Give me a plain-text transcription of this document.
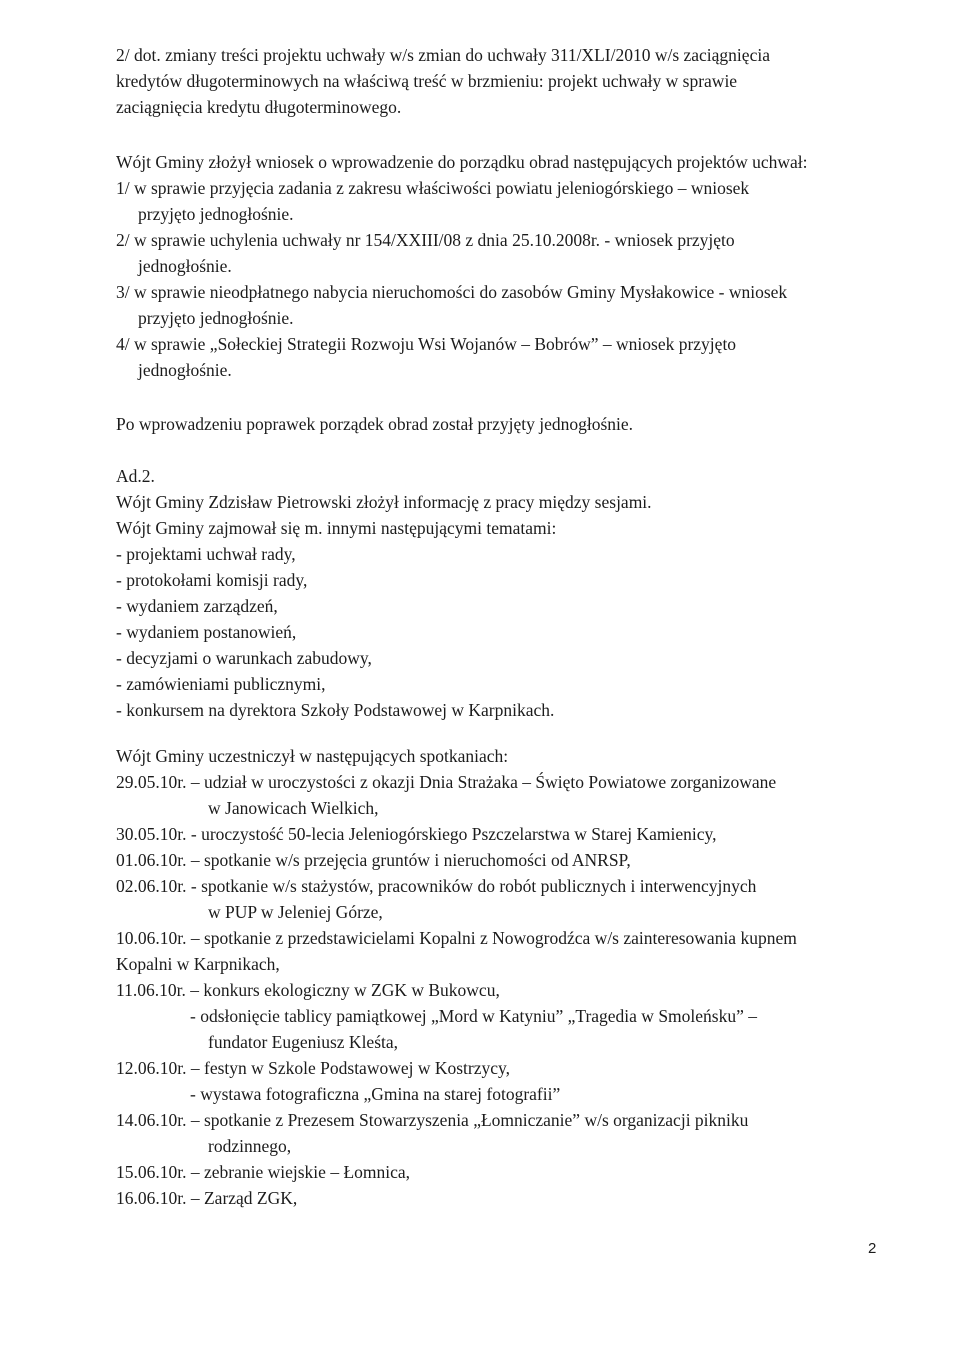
2/ dot. zmiany treści projektu uchwały w/s zmian do uchwały 311/XLI/2010 w/s zaciągnięcia
kredytów długoterminowych na właściwą treść w brzmieniu: projekt uchwały w sprawie
zaciągnięcia kredytu długoterminowego.
Wójt Gminy złożył wniosek o wprowadzenie do porządku obrad następujących projektów uchwał:
1/ w sprawie przyjęcia zadania z zakresu właściwości powiatu jeleniogórskiego – wniosek
przyjęto jednogłośnie.
2/ w sprawie uchylenia uchwały nr 154/XXIII/08 z dnia 25.10.2008r. - wniosek przyjęto
jednogłośnie.
3/ w sprawie nieodpłatnego nabycia nieruchomości do zasobów Gminy Mysłakowice - wniosek
przyjęto jednogłośnie.
4/ w sprawie „Sołeckiej Strategii Rozwoju Wsi Wojanów – Bobrów” – wniosek przyjęto
jednogłośnie.
Po wprowadzeniu poprawek porządek obrad został przyjęty jednogłośnie.
Ad.2.
Wójt Gminy Zdzisław Pietrowski złożył informację z pracy między sesjami.
Wójt Gminy zajmował się m. innymi następującymi tematami:
- projektami uchwał rady,
- protokołami komisji rady,
- wydaniem zarządzeń,
- wydaniem postanowień,
- decyzjami o warunkach zabudowy,
- zamówieniami publicznymi,
- konkursem na dyrektora Szkoły Podstawowej w Karpnikach.
Wójt Gminy uczestniczył w następujących spotkaniach:
29.05.10r. – udział w uroczystości z okazji Dnia Strażaka – Święto Powiatowe zorganizowane
w Janowicach Wielkich,
30.05.10r. - uroczystość 50-lecia Jeleniogórskiego Pszczelarstwa w Starej Kamienicy,
01.06.10r. – spotkanie w/s przejęcia gruntów i nieruchomości od ANRSP,
02.06.10r. - spotkanie w/s stażystów, pracowników do robót publicznych i interwencyjnych
w PUP w Jeleniej Górze,
10.06.10r. – spotkanie z przedstawicielami Kopalni z Nowogrodźca w/s zainteresowania kupnem
Kopalni w Karpnikach,
11.06.10r. – konkurs ekologiczny w ZGK w Bukowcu,
- odsłonięcie tablicy pamiątkowej „Mord w Katyniu” „Tragedia w Smoleńsku” –
fundator Eugeniusz Kleśta,
12.06.10r. – festyn w Szkole Podstawowej w Kostrzycy,
- wystawa fotograficzna „Gmina na starej fotografii”
14.06.10r. – spotkanie z Prezesem Stowarzyszenia „Łomniczanie” w/s organizacji pikniku
rodzinnego,
15.06.10r. – zebranie wiejskie – Łomnica,
16.06.10r. – Zarząd ZGK,
2
